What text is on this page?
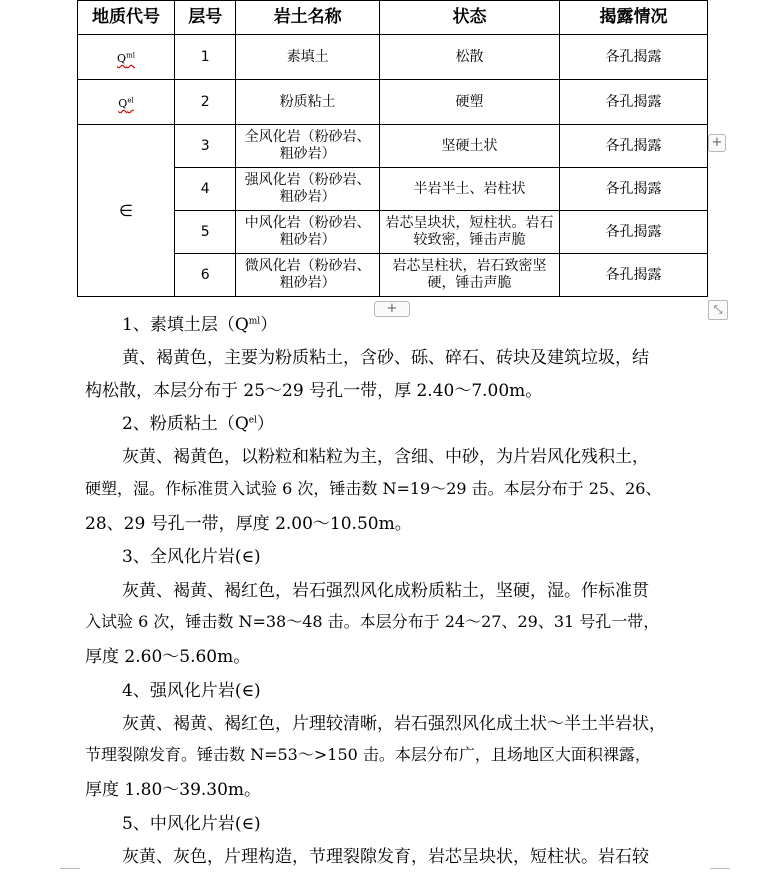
地质代号	层号	岩土名称	状态	揭露情况
$Q^{ml}$	1	素填土	松散	各孔揭露
$Q^{el}$	2	粉质粘土	硬塑	各孔揭露
∈	3	全风化岩（粉砂岩、粗砂岩）	坚硬土状	各孔揭露
	4	强风化岩（粉砂岩、粗砂岩）	半岩半土、岩柱状	各孔揭露
	5	中风化岩（粉砂岩、粗砂岩）	岩芯呈块状，短柱状。岩石较致密，锤击声脆	各孔揭露
	6	微风化岩（粉砂岩、粗砂岩）	岩芯呈柱状，岩石致密坚硬，锤击声脆	各孔揭露
+
+	⤡
1、素填土层$(Q^{ml})$
黄、褐黄色，主要为粉质粘土，含砂、砾、碎石、砖块及建筑垃圾，结
构松散，本层分布于 25～29 号孔一带，厚 2.40～7.00m。
2、粉质粘土$(Q^{el})$
灰黄、褐黄色，以粉粒和粘粒为主，含细、中砂，为片岩风化残积土，
硬塑，湿。作标准贯入试验 6 次，锤击数 N=19～29 击。本层分布于 25、26、
28、29 号孔一带，厚度 2.00～10.50m。
3、全风化片岩(∈)
灰黄、褐黄、褐红色，岩石强烈风化成粉质粘土，坚硬，湿。作标准贯
入试验 6 次，锤击数 N=38～48 击。本层分布于 24～27、29、31 号孔一带，
厚度 2.60～5.60m。
4、强风化片岩(∈)
灰黄、褐黄、褐红色，片理较清晰，岩石强烈风化成土状～半土半岩状，
节理裂隙发育。锤击数 N=53～>150 击。本层分布广，且场地区大面积裸露，
厚度 1.80～39.30m。
5、中风化片岩(∈)
灰黄、灰色，片理构造，节理裂隙发育，岩芯呈块状，短柱状。岩石较
